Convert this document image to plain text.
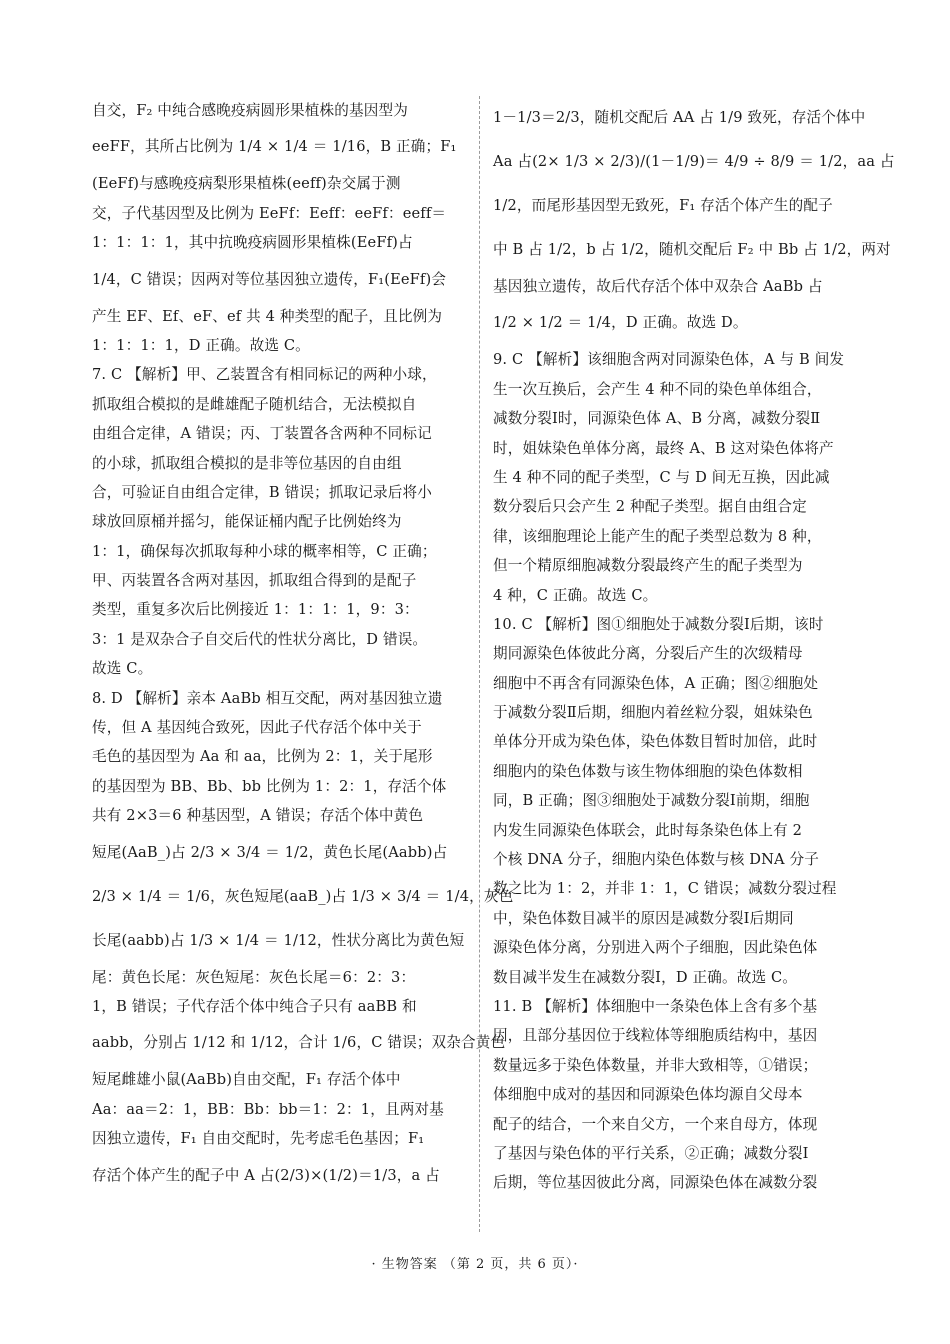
自交，F₂ 中纯合感晚疫病圆形果植株的基因型为
eeFF，其所占比例为 1/4 × 1/4 ＝ 1/16，B 正确；F₁
(EeFf)与感晚疫病梨形果植株(eeff)杂交属于测
交，子代基因型及比例为 EeFf：Eeff：eeFf：eeff＝
1：1：1：1，其中抗晚疫病圆形果植株(EeFf)占
1/4，C 错误；因两对等位基因独立遗传，F₁(EeFf)会
产生 EF、Ef、eF、ef 共 4 种类型的配子，且比例为
1：1：1：1，D 正确。故选 C。
7. C 【解析】甲、乙装置含有相同标记的两种小球，
抓取组合模拟的是雌雄配子随机结合，无法模拟自
由组合定律，A 错误；丙、丁装置各含两种不同标记
的小球，抓取组合模拟的是非等位基因的自由组
合，可验证自由组合定律，B 错误；抓取记录后将小
球放回原桶并摇匀，能保证桶内配子比例始终为
1：1，确保每次抓取每种小球的概率相等，C 正确；
甲、丙装置各含两对基因，抓取组合得到的是配子
类型，重复多次后比例接近 1：1：1：1，9：3：
3：1 是双杂合子自交后代的性状分离比，D 错误。
故选 C。
8. D 【解析】亲本 AaBb 相互交配，两对基因独立遗
传，但 A 基因纯合致死，因此子代存活个体中关于
毛色的基因型为 Aa 和 aa，比例为 2：1，关于尾形
的基因型为 BB、Bb、bb 比例为 1：2：1，存活个体
共有 2×3＝6 种基因型，A 错误；存活个体中黄色
短尾(AaB_)占 2/3 × 3/4 ＝ 1/2，黄色长尾(Aabb)占
2/3 × 1/4 ＝ 1/6，灰色短尾(aaB_)占 1/3 × 3/4 ＝ 1/4，灰色
长尾(aabb)占 1/3 × 1/4 ＝ 1/12，性状分离比为黄色短
尾：黄色长尾：灰色短尾：灰色长尾＝6：2：3：
1，B 错误；子代存活个体中纯合子只有 aaBB 和
aabb，分别占 1/12 和 1/12，合计 1/6，C 错误；双杂合黄色
短尾雌雄小鼠(AaBb)自由交配，F₁ 存活个体中
Aa：aa＝2：1，BB：Bb：bb＝1：2：1，且两对基
因独立遗传，F₁ 自由交配时，先考虑毛色基因；F₁
存活个体产生的配子中 A 占(2/3)×(1/2)＝1/3，a 占
1－1/3＝2/3，随机交配后 AA 占 1/9 致死，存活个体中
Aa 占(2× 1/3 × 2/3)/(1－1/9)＝ 4/9 ÷ 8/9 ＝ 1/2，aa 占
1/2，而尾形基因型无致死，F₁ 存活个体产生的配子
中 B 占 1/2，b 占 1/2，随机交配后 F₂ 中 Bb 占 1/2，两对
基因独立遗传，故后代存活个体中双杂合 AaBb 占
1/2 × 1/2 ＝ 1/4，D 正确。故选 D。
9. C 【解析】该细胞含两对同源染色体，A 与 B 间发
生一次互换后，会产生 4 种不同的染色单体组合，
减数分裂Ⅰ时，同源染色体 A、B 分离，减数分裂Ⅱ
时，姐妹染色单体分离，最终 A、B 这对染色体将产
生 4 种不同的配子类型，C 与 D 间无互换，因此减
数分裂后只会产生 2 种配子类型。据自由组合定
律，该细胞理论上能产生的配子类型总数为 8 种，
但一个精原细胞减数分裂最终产生的配子类型为
4 种，C 正确。故选 C。
10. C 【解析】图①细胞处于减数分裂Ⅰ后期，该时
期同源染色体彼此分离，分裂后产生的次级精母
细胞中不再含有同源染色体，A 正确；图②细胞处
于减数分裂Ⅱ后期，细胞内着丝粒分裂，姐妹染色
单体分开成为染色体，染色体数目暂时加倍，此时
细胞内的染色体数与该生物体细胞的染色体数相
同，B 正确；图③细胞处于减数分裂Ⅰ前期，细胞
内发生同源染色体联会，此时每条染色体上有 2
个核 DNA 分子，细胞内染色体数与核 DNA 分子
数之比为 1：2，并非 1：1，C 错误；减数分裂过程
中，染色体数目减半的原因是减数分裂Ⅰ后期同
源染色体分离，分别进入两个子细胞，因此染色体
数目减半发生在减数分裂Ⅰ，D 正确。故选 C。
11. B 【解析】体细胞中一条染色体上含有多个基
因，且部分基因位于线粒体等细胞质结构中，基因
数量远多于染色体数量，并非大致相等，①错误；
体细胞中成对的基因和同源染色体均源自父母本
配子的结合，一个来自父方，一个来自母方，体现
了基因与染色体的平行关系，②正确；减数分裂Ⅰ
后期，等位基因彼此分离，同源染色体在减数分裂
· 生物答案 （第 2 页，共 6 页）·
